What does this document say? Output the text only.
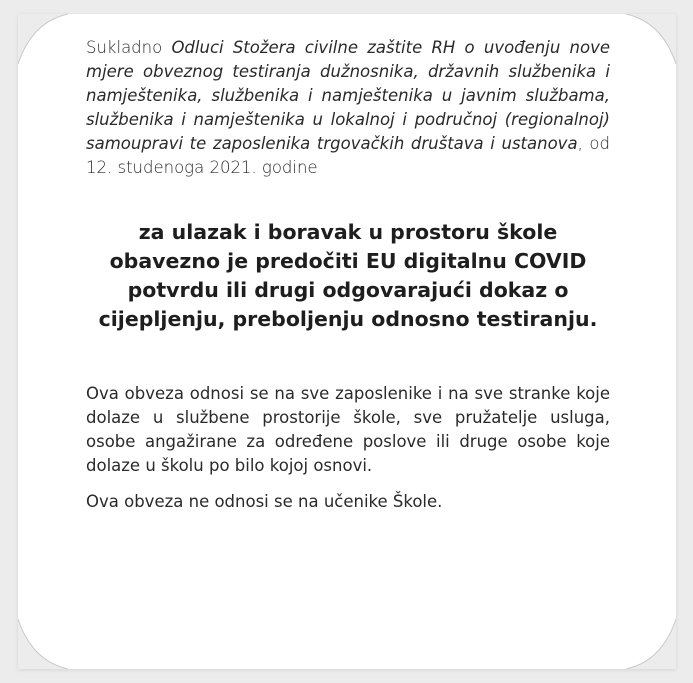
Sukladno Odluci Stožera civilne zaštite RH o uvođenju nove mjere obveznog testiranja dužnosnika, državnih službenika i namještenika, službenika i namještenika u javnim službama, službenika i namještenika u lokalnoj i područnoj (regionalnoj) samoupravi te zaposlenika trgovačkih društava i ustanova, od 12. studenoga 2021. godine

za ulazak i boravak u prostoru škole obavezno je predočiti EU digitalnu COVID potvrdu ili drugi odgovarajući dokaz o cijepljenju, preboljenju odnosno testiranju.

Ova obveza odnosi se na sve zaposlenike i na sve stranke koje dolaze u službene prostorije škole, sve pružatelje usluga, osobe angažirane za određene poslove ili druge osobe koje dolaze u školu po bilo kojoj osnovi.

Ova obveza ne odnosi se na učenike Škole.
